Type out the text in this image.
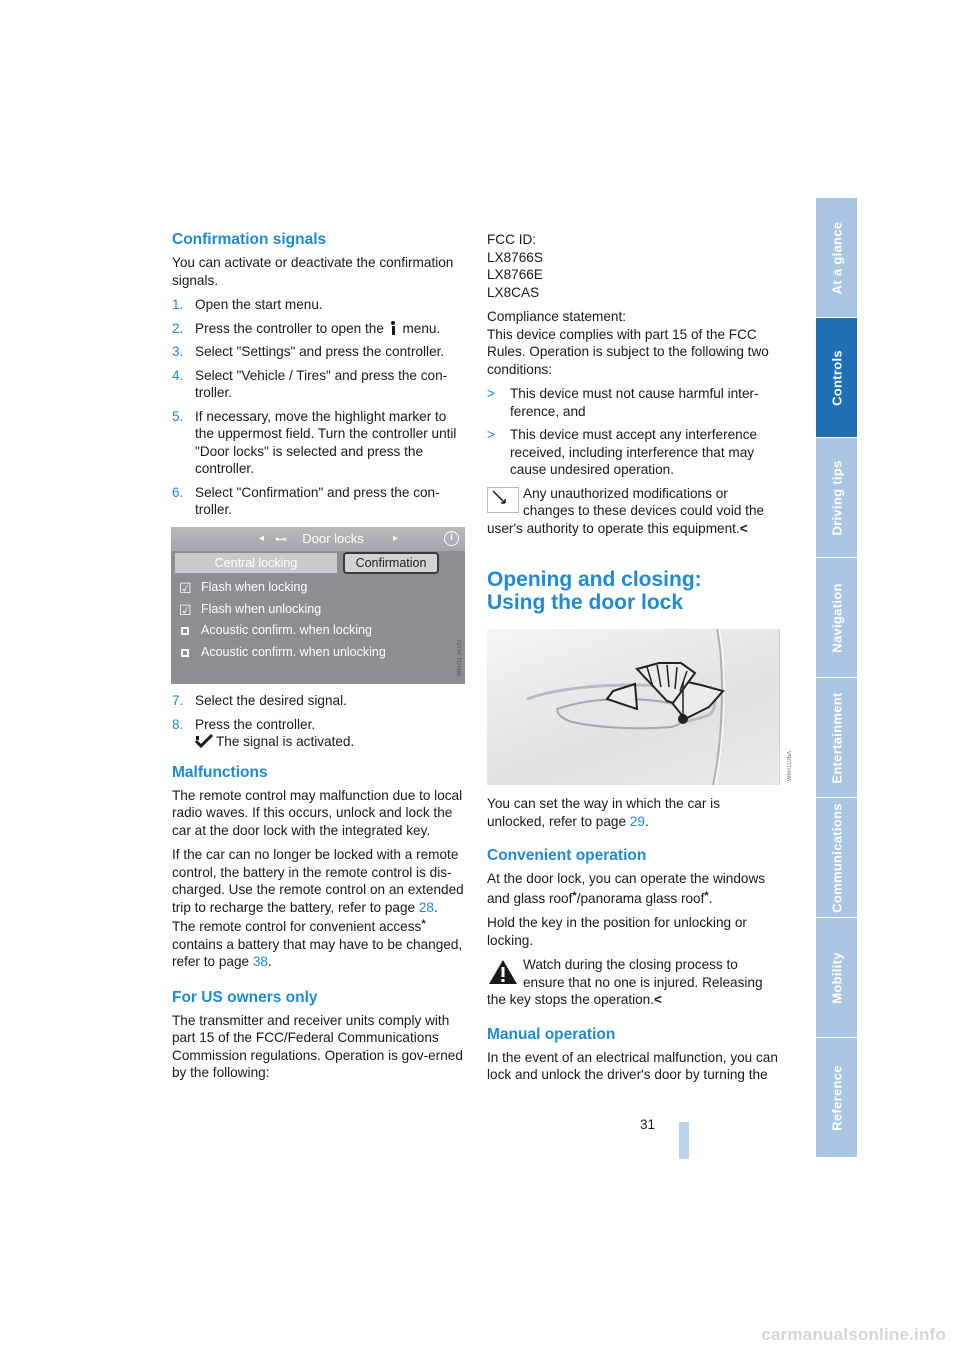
At a glance
Controls
Driving tips
Navigation
Entertainment
Communications
Mobility
Reference
Confirmation signals

You can activate or deactivate the confirmation signals.

1. Open the start menu.
2. Press the controller to open the
menu.
3. Select "Settings" and press the controller.
4. Select "Vehicle / Tires" and press the con-troller.
5. If necessary, move the highlight marker to the uppermost field. Turn the controller until "Door locks" is selected and press the controller.
6. Select "Confirmation" and press the con-troller.
◂ ⊷ Door locks	▸	i
Central locking	Confirmation
☑ Flash when locking
☑ Flash when unlocking
Acoustic confirm. when locking
Acoustic confirm. when unlocking	W6R11.5LUS
7. Select the desired signal.
8. Press the controller.
The signal is activated.
Malfunctions

The remote control may malfunction due to local radio waves. If this occurs, unlock and lock the car at the door lock with the integrated key.

If the car can no longer be locked with a remote control, the battery in the remote control is dis-charged. Use the remote control on an extended trip to recharge the battery, refer to page 28. The remote control for convenient access* contains a battery that may have to be changed, refer to page 38.

For US owners only

The transmitter and receiver units comply with part 15 of the FCC/Federal Communications Commission regulations. Operation is gov-erned by the following:

FCC ID:
LX8766S
LX8766E
LX8CAS
Compliance statement:

This device complies with part 15 of the FCC Rules. Operation is subject to the following two conditions:

> This device must not cause harmful inter-ference, and
> This device must accept any interference received, including interference that may cause undesired operation.
Any unauthorized modifications or changes to these devices could void the user's authority to operate this equipment.<
Opening and closing:
Using the door lock
W6R1106A

You can set the way in which the car is unlocked, refer to page 29.

Convenient operation

At the door lock, you can operate the windows and glass roof*/panorama glass roof*.

Hold the key in the position for unlocking or locking.

Watch during the closing process to ensure that no one is injured. Releasing the key stops the operation.<
Manual operation

In the event of an electrical malfunction, you can lock and unlock the driver's door by turning the

31
carmanualsonline.info
